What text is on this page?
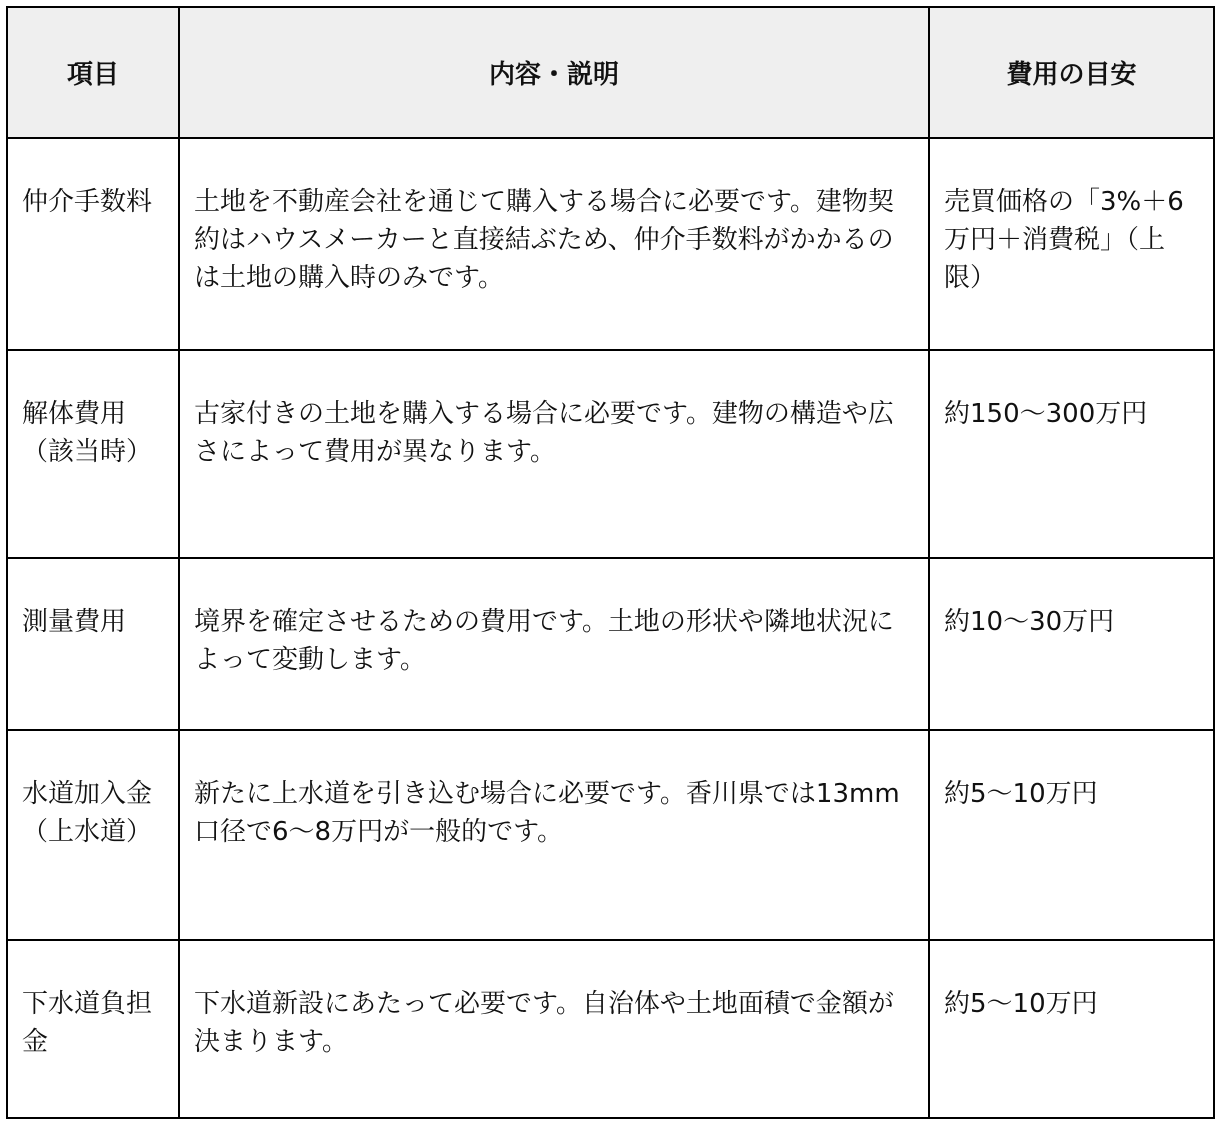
項目	内容・説明	費用の目安
仲介手数料	土地を不動産会社を通じて購入する場合に必要です。建物契約はハウスメーカーと直接結ぶため、仲介手数料がかかるのは土地の購入時のみです。	売買価格の「3%＋6万円＋消費税」（上限）
解体費用（該当時）	古家付きの土地を購入する場合に必要です。建物の構造や広さによって費用が異なります。	約150〜300万円
測量費用	境界を確定させるための費用です。土地の形状や隣地状況によって変動します。	約10〜30万円
水道加入金（上水道）	新たに上水道を引き込む場合に必要です。香川県では13mm口径で6〜8万円が一般的です。	約5〜10万円
下水道負担金	下水道新設にあたって必要です。自治体や土地面積で金額が決まります。	約5〜10万円
